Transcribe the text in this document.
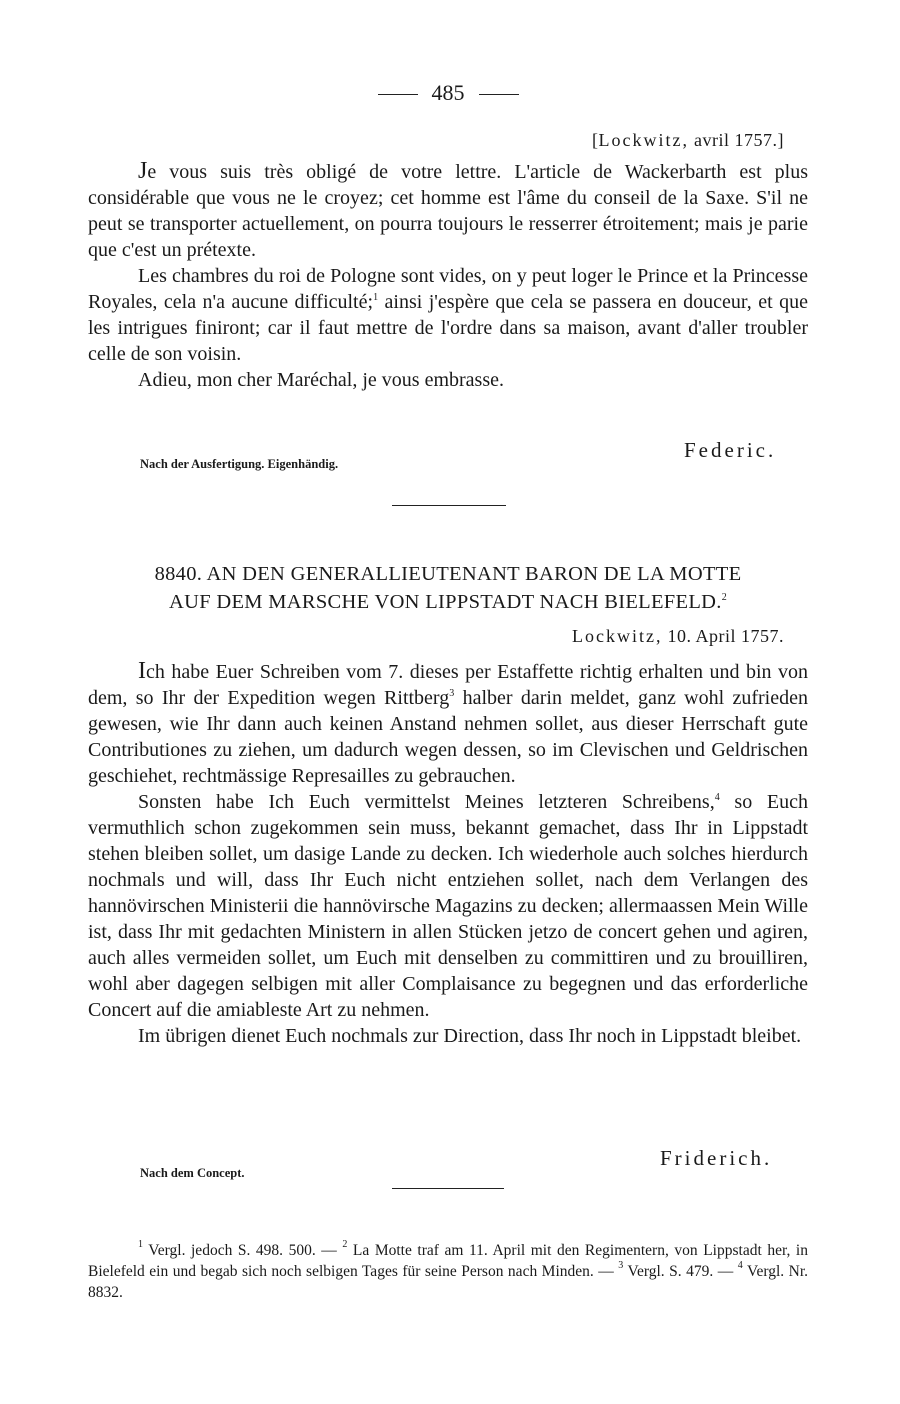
485
[Lockwitz, avril 1757.]

Je vous suis très obligé de votre lettre. L'article de Wackerbarth est plus considérable que vous ne le croyez; cet homme est l'âme du conseil de la Saxe. S'il ne peut se transporter actuellement, on pourra toujours le resserrer étroitement; mais je parie que c'est un prétexte.

Les chambres du roi de Pologne sont vides, on y peut loger le Prince et la Princesse Royales, cela n'a aucune difficulté;$^1$ ainsi j'espère que cela se passera en douceur, et que les intrigues finiront; car il faut mettre de l'ordre dans sa maison, avant d'aller troubler celle de son voisin.

Adieu, mon cher Maréchal, je vous embrasse.

Federic.
Nach der Ausfertigung. Eigenhändig.

8840. AN DEN GENERALLIEUTENANT BARON DE LA MOTTE

AUF DEM MARSCHE VON LIPPSTADT NACH BIELEFELD.$^2$

Lockwitz, 10. April 1757.

Ich habe Euer Schreiben vom 7. dieses per Estaffette richtig erhalten und bin von dem, so Ihr der Expedition wegen Rittberg$^3$ halber darin meldet, ganz wohl zufrieden gewesen, wie Ihr dann auch keinen Anstand nehmen sollet, aus dieser Herrschaft gute Contributiones zu ziehen, um dadurch wegen dessen, so im Clevischen und Geldrischen geschiehet, rechtmässige Represailles zu gebrauchen.

Sonsten habe Ich Euch vermittelst Meines letzteren Schreibens,$^4$ so Euch vermuthlich schon zugekommen sein muss, bekannt gemachet, dass Ihr in Lippstadt stehen bleiben sollet, um dasige Lande zu decken. Ich wiederhole auch solches hierdurch nochmals und will, dass Ihr Euch nicht entziehen sollet, nach dem Verlangen des hannövirschen Ministerii die hannövirsche Magazins zu decken; allermaassen Mein Wille ist, dass Ihr mit gedachten Ministern in allen Stücken jetzo de concert gehen und agiren, auch alles vermeiden sollet, um Euch mit denselben zu committiren und zu brouilliren, wohl aber dagegen selbigen mit aller Complaisance zu begegnen und das erforderliche Concert auf die amiableste Art zu nehmen.

Im übrigen dienet Euch nochmals zur Direction, dass Ihr noch in Lippstadt bleibet.

Friderich.
Nach dem Concept.

$^1$ Vergl. jedoch S. 498. 500. — $^2$ La Motte traf am 11. April mit den Regimentern, von Lippstadt her, in Bielefeld ein und begab sich noch selbigen Tages für seine Person nach Minden. — $^3$ Vergl. S. 479. — $^4$ Vergl. Nr. 8832.
